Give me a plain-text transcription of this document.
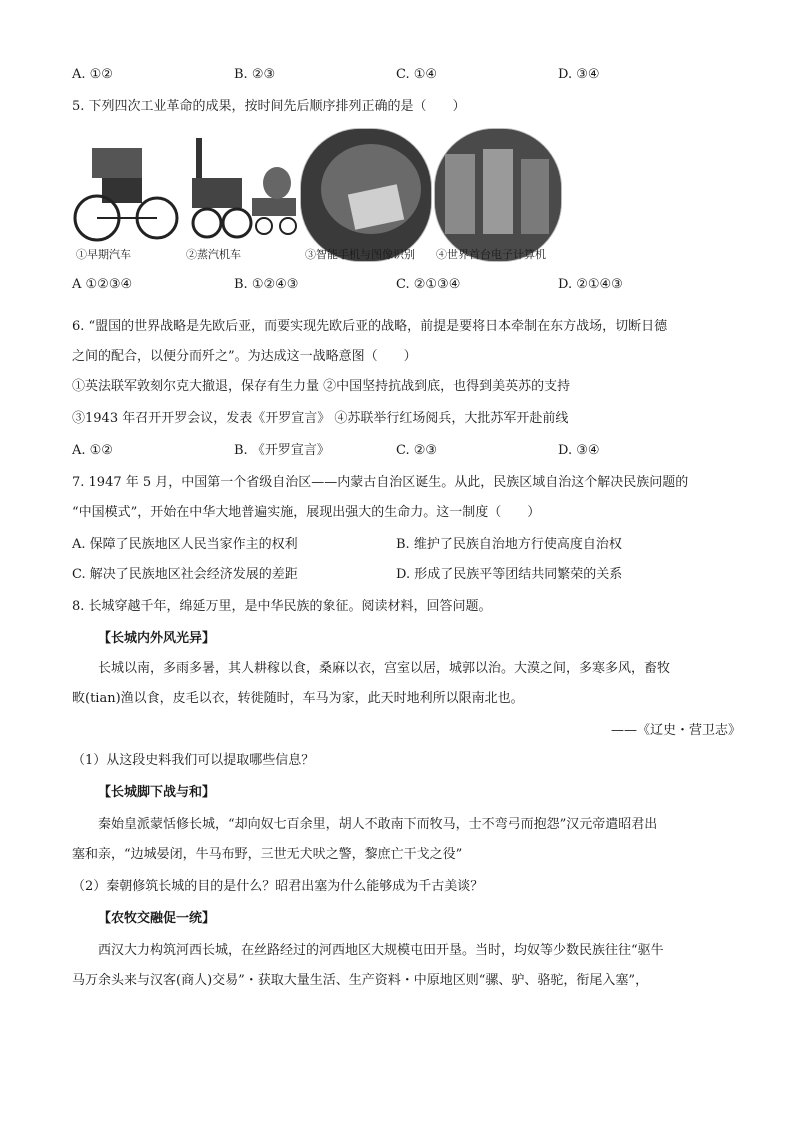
A. ①②	B. ②③	C. ①④	D. ③④
5. 下列四次工业革命的成果，按时间先后顺序排列正确的是（　　）
①早期汽车	②蒸汽机车	③智能手机与图像识别 ④世界首台电子计算机
A ①②③④	B. ①②④③	C. ②①③④	D. ②①④③
6. “盟国的世界战略是先欧后亚，而要实现先欧后亚的战略，前提是要将日本牵制在东方战场，切断日德
之间的配合，以便分而歼之”。为达成这一战略意图（　　）
①英法联军敦刻尔克大撤退，保存有生力量 ②中国坚持抗战到底，也得到美英苏的支持
③1943 年召开开罗会议，发表《开罗宣言》 ④苏联举行红场阅兵，大批苏军开赴前线
A. ①②	B. 《开罗宣言》	C. ②③	D. ③④
7. 1947 年 5 月，中国第一个省级自治区——内蒙古自治区诞生。从此，民族区域自治这个解决民族问题的
“中国模式”，开始在中华大地普遍实施，展现出强大的生命力。这一制度（　　）
A. 保障了民族地区人民当家作主的权利	B. 维护了民族自治地方行使高度自治权
C. 解决了民族地区社会经济发展的差距	D. 形成了民族平等团结共同繁荣的关系
8. 长城穿越千年，绵延万里，是中华民族的象征。阅读材料，回答问题。
【长城内外风光异】
长城以南，多雨多暑，其人耕稼以食，桑麻以衣，宫室以居，城郭以治。大漠之间，多寒多风，畜牧
畋(tian)渔以食，皮毛以衣，转徙随时，车马为家，此天时地利所以限南北也。
——《辽史・营卫志》
（1）从这段史料我们可以提取哪些信息？
【长城脚下战与和】
秦始皇派蒙恬修长城，“却向奴七百余里，胡人不敢南下而牧马，士不弯弓而抱怨”汉元帝遣昭君出
塞和亲，“边城晏闭，牛马布野，三世无犬吠之警，黎庶亡干戈之役”
（2）秦朝修筑长城的目的是什么？昭君出塞为什么能够成为千古美谈？
【农牧交融促一统】
西汉大力构筑河西长城，在丝路经过的河西地区大规模屯田开垦。当时，均奴等少数民族往往“驱牛
马万余头来与汉客(商人)交易”・获取大量生活、生产资料・中原地区则“骡、驴、骆驼，衔尾入塞”，
